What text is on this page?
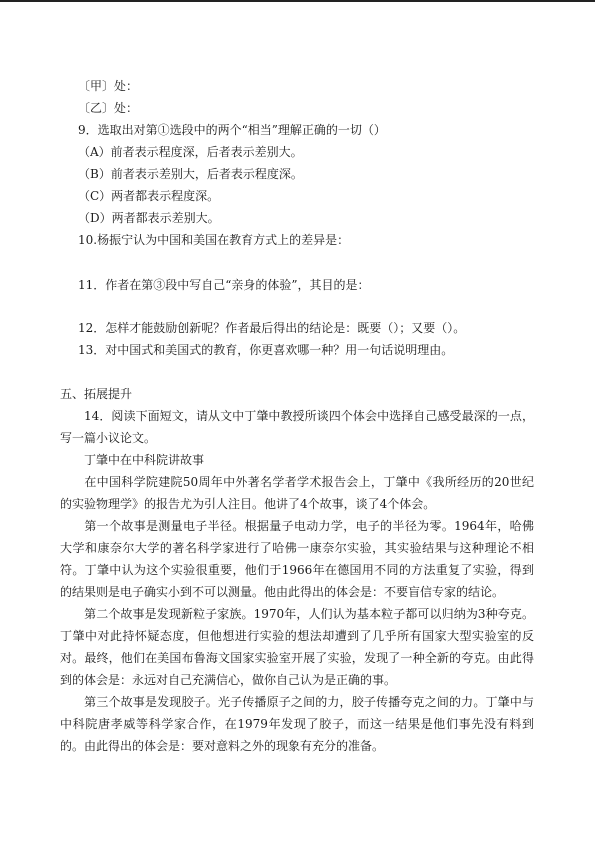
〔甲〕处：
〔乙〕处：
9．选取出对第①选段中的两个“相当”理解正确的一切（）
（A）前者表示程度深，后者表示差别大。
（B）前者表示差别大，后者表示程度深。
（C）两者都表示程度深。
（D）两者都表示差别大。
10.杨振宁认为中国和美国在教育方式上的差异是：
11．作者在第③段中写自己“亲身的体验”，其目的是：
12．怎样才能鼓励创新呢？作者最后得出的结论是：既要（）；又要（）。
13．对中国式和美国式的教育，你更喜欢哪一种？用一句话说明理由。
五、拓展提升
14．阅读下面短文，请从文中丁肇中教授所谈四个体会中选择自己感受最深的一点，写一篇小议论文。
丁肇中在中科院讲故事
在中国科学院建院50周年中外著名学者学术报告会上，丁肇中《我所经历的20世纪的实验物理学》的报告尤为引人注目。他讲了4个故事，谈了4个体会。
第一个故事是测量电子半径。根据量子电动力学，电子的半径为零。1964年，哈佛大学和康奈尔大学的著名科学家进行了哈佛一康奈尔实验，其实验结果与这种理论不相符。丁肇中认为这个实验很重要，他们于1966年在德国用不同的方法重复了实验，得到的结果则是电子确实小到不可以测量。他由此得出的体会是：不要盲信专家的结论。
第二个故事是发现新粒子家族。1970年，人们认为基本粒子都可以归纳为3种夸克。丁肇中对此持怀疑态度，但他想进行实验的想法却遭到了几乎所有国家大型实验室的反对。最终，他们在美国布鲁海文国家实验室开展了实验，发现了一种全新的夸克。由此得到的体会是：永远对自己充满信心，做你自己认为是正确的事。
第三个故事是发现胶子。光子传播原子之间的力，胶子传播夸克之间的力。丁肇中与中科院唐孝威等科学家合作，在1979年发现了胶子，而这一结果是他们事先没有料到的。由此得出的体会是：要对意料之外的现象有充分的准备。
